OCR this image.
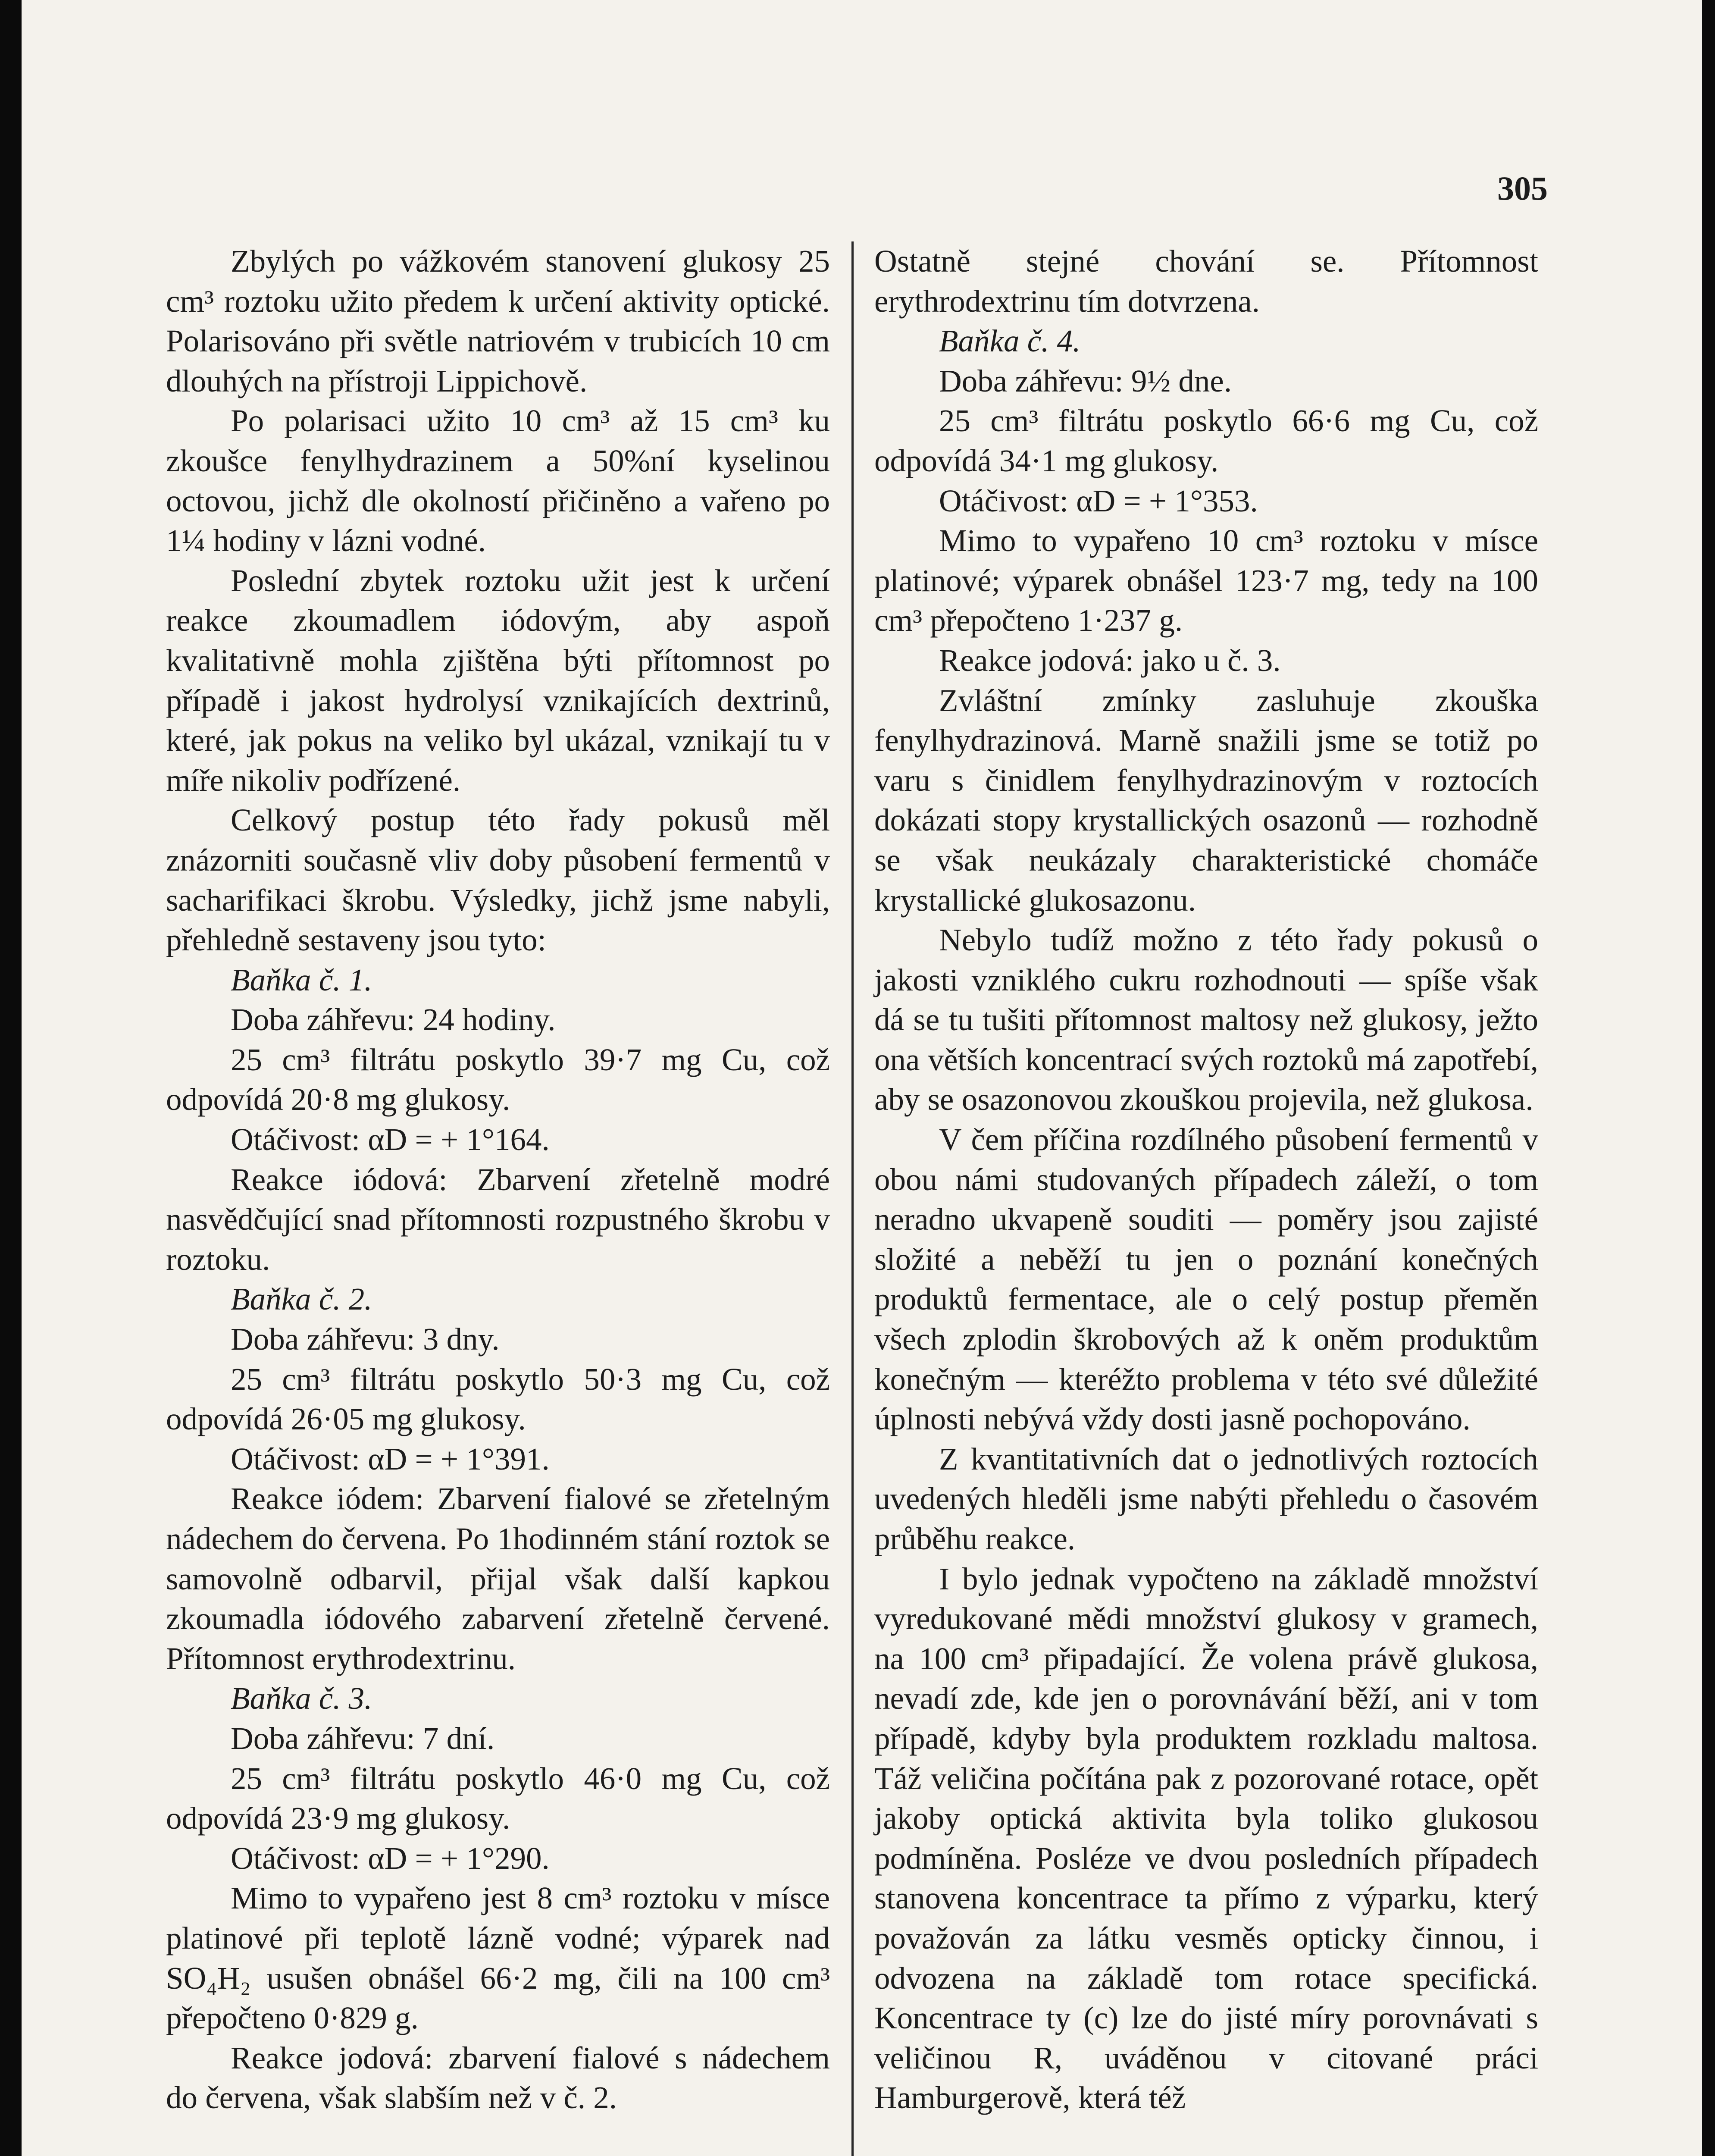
305

Zbylých po vážkovém stanovení glukosy 25 cm³ roztoku užito předem k určení aktivity optické. Polarisováno při světle natriovém v trubicích 10 cm dlouhých na přístroji Lippichově.

Po polarisaci užito 10 cm³ až 15 cm³ ku zkoušce fenylhydrazinem a 50%ní kyselinou octovou, jichž dle okolností přičiněno a vařeno po 1¼ hodiny v lázni vodné.

Poslední zbytek roztoku užit jest k určení reakce zkoumadlem iódovým, aby aspoň kvalitativně mohla zjištěna býti přítomnost po případě i jakost hydrolysí vznikajících dextrinů, které, jak pokus na veliko byl ukázal, vznikají tu v míře nikoliv podřízené.

Celkový postup této řady pokusů měl znázorniti současně vliv doby působení fermentů v sacharifikaci škrobu. Výsledky, jichž jsme nabyli, přehledně sestaveny jsou tyto:

Baňka č. 1.

Doba záhřevu: 24 hodiny.

25 cm³ filtrátu poskytlo 39·7 mg Cu, což odpovídá 20·8 mg glukosy.

Otáčivost: αD = + 1°164.

Reakce iódová: Zbarvení zřetelně modré nasvědčující snad přítomnosti rozpustného škrobu v roztoku.

Baňka č. 2.

Doba záhřevu: 3 dny.

25 cm³ filtrátu poskytlo 50·3 mg Cu, což odpovídá 26·05 mg glukosy.

Otáčivost: αD = + 1°391.

Reakce iódem: Zbarvení fialové se zřetelným nádechem do červena. Po 1hodinném stání roztok se samovolně odbarvil, přijal však další kapkou zkoumadla iódového zabarvení zřetelně červené. Přítomnost erythrodextrinu.

Baňka č. 3.

Doba záhřevu: 7 dní.

25 cm³ filtrátu poskytlo 46·0 mg Cu, což odpovídá 23·9 mg glukosy.

Otáčivost: αD = + 1°290.

Mimo to vypařeno jest 8 cm³ roztoku v mísce platinové při teplotě lázně vodné; výparek nad SO₄H₂ usušen obnášel 66·2 mg, čili na 100 cm³ přepočteno 0·829 g.

Reakce jodová: zbarvení fialové s nádechem do červena, však slabším než v č. 2.

Ostatně stejné chování se. Přítomnost erythrodextrinu tím dotvrzena.

Baňka č. 4.

Doba záhřevu: 9½ dne.

25 cm³ filtrátu poskytlo 66·6 mg Cu, což odpovídá 34·1 mg glukosy.

Otáčivost: αD = + 1°353.

Mimo to vypařeno 10 cm³ roztoku v mísce platinové; výparek obnášel 123·7 mg, tedy na 100 cm³ přepočteno 1·237 g.

Reakce jodová: jako u č. 3.

Zvláštní zmínky zasluhuje zkouška fenylhydrazinová. Marně snažili jsme se totiž po varu s činidlem fenylhydrazinovým v roztocích dokázati stopy krystallických osazonů — rozhodně se však neukázaly charakteristické chomáče krystallické glukosazonu.

Nebylo tudíž možno z této řady pokusů o jakosti vzniklého cukru rozhodnouti — spíše však dá se tu tušiti přítomnost maltosy než glukosy, ježto ona větších koncentrací svých roztoků má zapotřebí, aby se osazonovou zkouškou projevila, než glukosa.

V čem příčina rozdílného působení fermentů v obou námi studovaných případech záleží, o tom neradno ukvapeně souditi — poměry jsou zajisté složité a neběží tu jen o poznání konečných produktů fermentace, ale o celý postup přeměn všech zplodin škrobových až k oněm produktům konečným — kteréžto problema v této své důležité úplnosti nebývá vždy dosti jasně pochopováno.

Z kvantitativních dat o jednotlivých roztocích uvedených hleděli jsme nabýti přehledu o časovém průběhu reakce.

I bylo jednak vypočteno na základě množství vyredukované mědi množství glukosy v gramech, na 100 cm³ připadající. Že volena právě glukosa, nevadí zde, kde jen o porovnávání běží, ani v tom případě, kdyby byla produktem rozkladu maltosa. Táž veličina počítána pak z pozorované rotace, opět jakoby optická aktivita byla toliko glukosou podmíněna. Posléze ve dvou posledních případech stanovena koncentrace ta přímo z výparku, který považován za látku vesměs opticky činnou, i odvozena na základě tom rotace specifická. Koncentrace ty (c) lze do jisté míry porovnávati s veličinou R, uváděnou v citované práci Hamburgerově, která též
